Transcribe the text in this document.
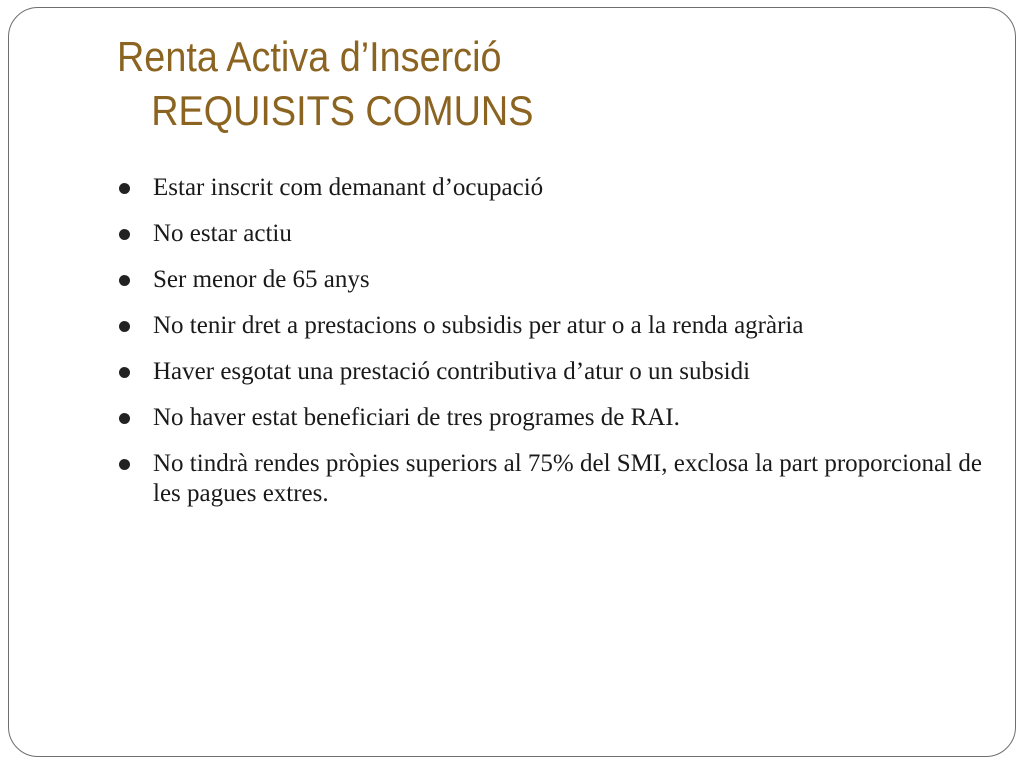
Renta Activa d’Inserció
REQUISITS COMUNS
Estar inscrit com demanant d’ocupació
No estar actiu
Ser menor de 65 anys
No tenir dret a prestacions o subsidis per atur o a la renda agrària
Haver esgotat una prestació contributiva d’atur o un subsidi
No haver estat beneficiari de tres programes de RAI.
No tindrà rendes pròpies superiors al 75% del SMI, exclosa la part proporcional de les pagues extres.
